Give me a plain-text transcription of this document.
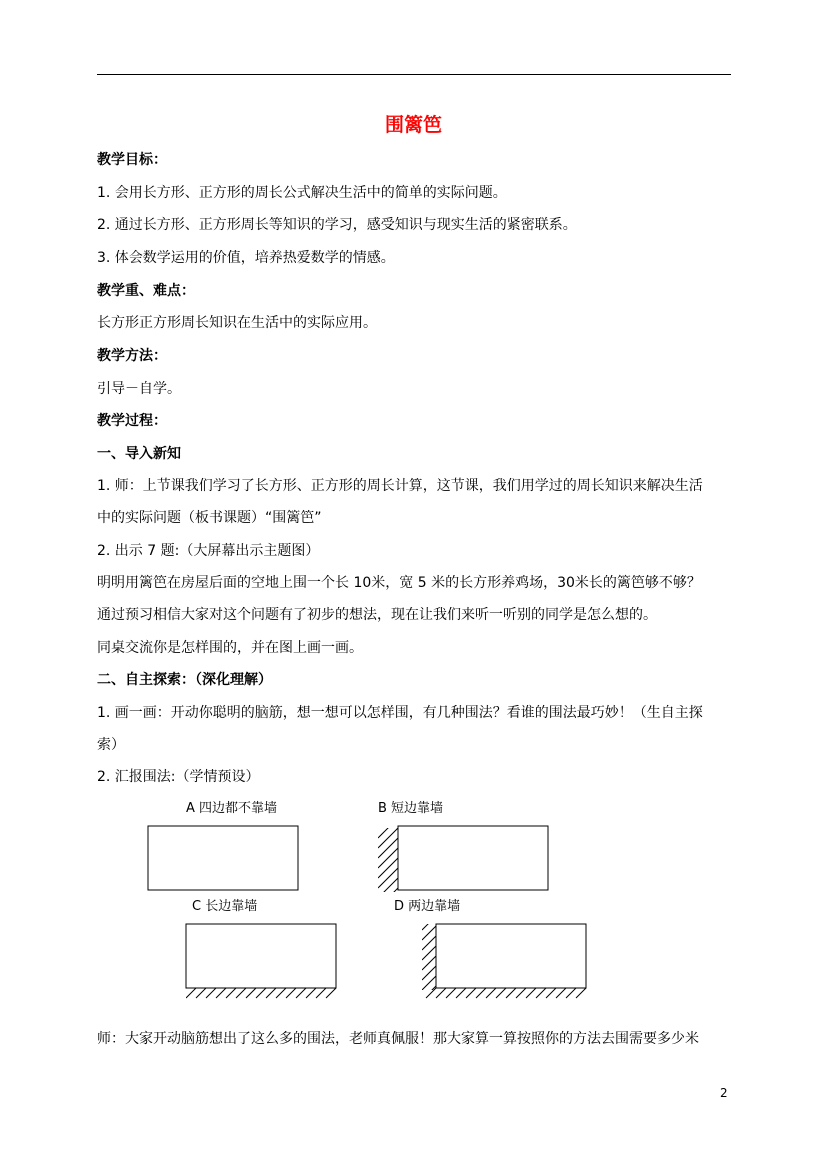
围篱笆
教学目标：
1. 会用长方形、正方形的周长公式解决生活中的简单的实际问题。
2. 通过长方形、正方形周长等知识的学习，感受知识与现实生活的紧密联系。
3. 体会数学运用的价值，培养热爱数学的情感。
教学重、难点：
长方形正方形周长知识在生活中的实际应用。
教学方法：
引导－自学。
教学过程：
一、导入新知
1. 师：上节课我们学习了长方形、正方形的周长计算，这节课，我们用学过的周长知识来解决生活
中的实际问题（板书课题）“围篱笆”
2. 出示 7 题:（大屏幕出示主题图）
明明用篱笆在房屋后面的空地上围一个长 10米，宽 5 米的长方形养鸡场，30米长的篱笆够不够？
通过预习相信大家对这个问题有了初步的想法，现在让我们来听一听别的同学是怎么想的。
同桌交流你是怎样围的，并在图上画一画。
二、自主探索：（深化理解）
1. 画一画：开动你聪明的脑筋，想一想可以怎样围，有几种围法？看谁的围法最巧妙！（生自主探
索）
2. 汇报围法:（学情预设）
A 四边都不靠墙	B 短边靠墙
C 长边靠墙	D 两边靠墙
师：大家开动脑筋想出了这么多的围法，老师真佩服！那大家算一算按照你的方法去围需要多少米
2
